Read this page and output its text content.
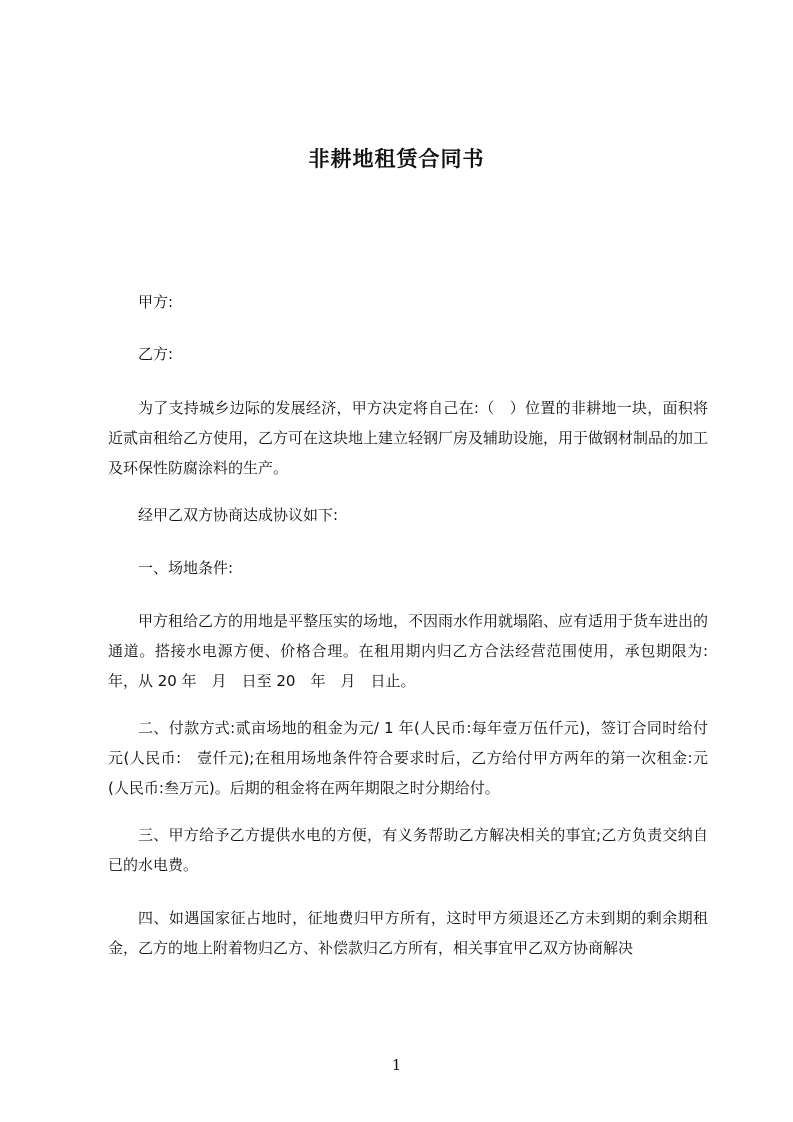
非耕地租赁合同书

甲方:

乙方:

为了支持城乡边际的发展经济，甲方决定将自己在:（　）位置的非耕地一块，面积将近贰亩租给乙方使用，乙方可在这块地上建立轻钢厂房及辅助设施，用于做钢材制品的加工及环保性防腐涂料的生产。

经甲乙双方协商达成协议如下:

一、场地条件:

甲方租给乙方的用地是平整压实的场地，不因雨水作用就塌陷、应有适用于货车进出的通道。搭接水电源方便、价格合理。在租用期内归乙方合法经营范围使用，承包期限为:　年，从 20 年　月　日至 20　年　月　日止。

二、付款方式:贰亩场地的租金为元/ 1 年(人民币:每年壹万伍仟元)，签订合同时给付元(人民币:　壹仟元);在租用场地条件符合要求时后，乙方给付甲方两年的第一次租金:元(人民币:叁万元)。后期的租金将在两年期限之时分期给付。

三、甲方给予乙方提供水电的方便，有义务帮助乙方解决相关的事宜;乙方负责交纳自已的水电费。

四、如遇国家征占地时，征地费归甲方所有，这时甲方须退还乙方未到期的剩余期租金，乙方的地上附着物归乙方、补偿款归乙方所有，相关事宜甲乙双方协商解决

1
